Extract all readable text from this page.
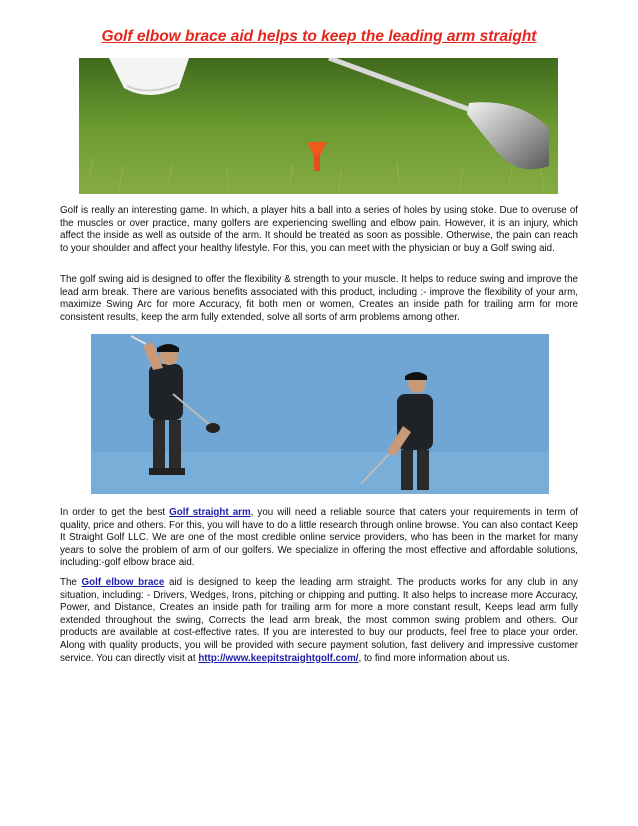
Golf elbow brace aid helps to keep the leading arm straight

Golf is really an interesting game. In which, a player hits a ball into a series of holes by using stoke. Due to overuse of the muscles or over practice, many golfers are experiencing swelling and elbow pain. However, it is an injury, which affect the inside as well as outside of the arm. It should be treated as soon as possible. Otherwise, the pain can reach to your shoulder and affect your healthy lifestyle. For this, you can meet with the physician or buy a Golf swing aid.

The golf swing aid is designed to offer the flexibility & strength to your muscle. It helps to reduce swing and improve the lead arm break. There are various benefits associated with this product, including :- improve the flexibility of your arm, maximize Swing Arc for more Accuracy, fit both men or women, Creates an inside path for trailing arm for more consistent results, keep the arm fully extended, solve all sorts of arm problems among other.

In order to get the best Golf straight arm, you will need a reliable source that caters your requirements in term of quality, price and others. For this, you will have to do a little research through online browse. You can also contact Keep It Straight Golf LLC. We are one of the most credible online service providers, who has been in the market for many years to solve the problem of arm of our golfers. We specialize in offering the most effective and affordable solutions, including:-golf elbow brace aid.

The Golf elbow brace aid is designed to keep the leading arm straight. The products works for any club in any situation, including: - Drivers, Wedges, Irons, pitching or chipping and putting. It also helps to increase more Accuracy, Power, and Distance, Creates an inside path for trailing arm for more a more constant result, Keeps lead arm fully extended throughout the swing, Corrects the lead arm break, the most common swing problem and others. Our products are available at cost-effective rates. If you are interested to buy our products, feel free to place your order. Along with quality products, you will be provided with secure payment solution, fast delivery and impressive customer service. You can directly visit at http://www.keepitstraightgolf.com/, to find more information about us.
